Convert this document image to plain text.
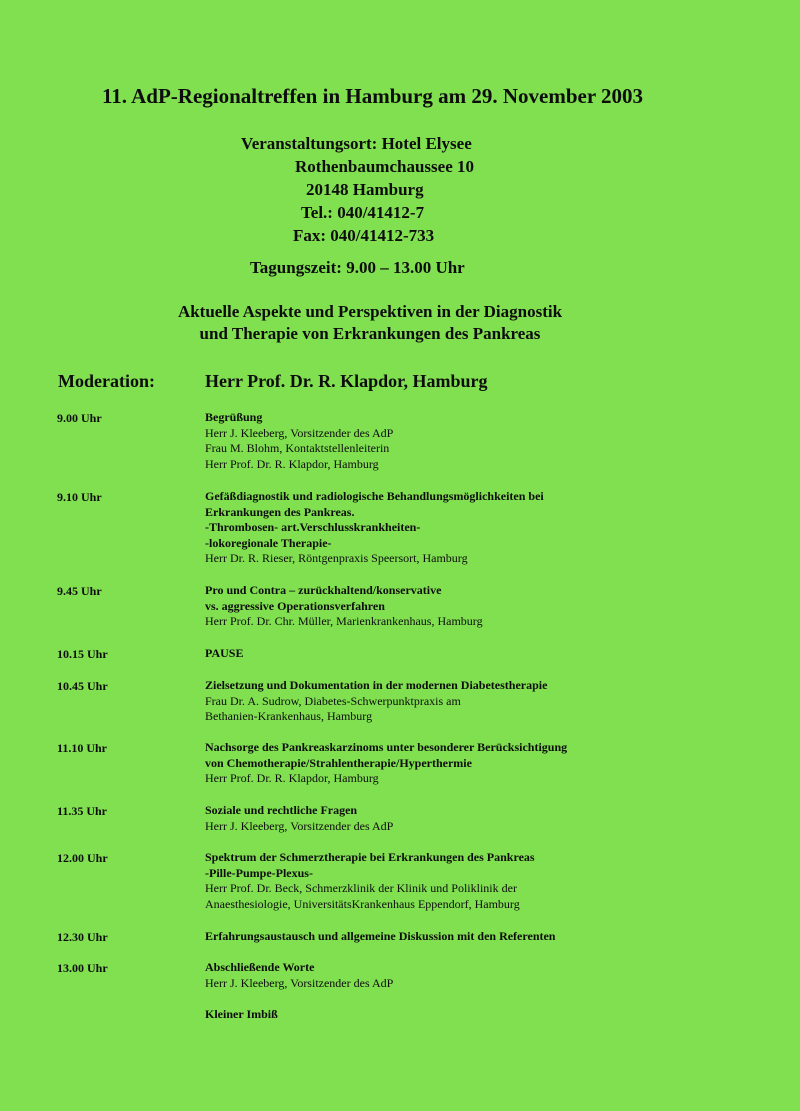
11. AdP-Regionaltreffen in Hamburg am 29. November 2003
Veranstaltungsort: Hotel Elysee
Rothenbaumchaussee 10
20148 Hamburg
Tel.: 040/41412-7
Fax: 040/41412-733
Tagungszeit: 9.00 – 13.00 Uhr
Aktuelle Aspekte und Perspektiven in der Diagnostik
und Therapie von Erkrankungen des Pankreas
Moderation:	Herr Prof. Dr. R. Klapdor, Hamburg
9.00 Uhr	Begrüßung
Herr J. Kleeberg, Vorsitzender des AdP
Frau M. Blohm, Kontaktstellenleiterin
Herr Prof. Dr. R. Klapdor, Hamburg
9.10 Uhr	Gefäßdiagnostik und radiologische Behandlungsmöglichkeiten bei
Erkrankungen des Pankreas.
-Thrombosen- art.Verschlusskrankheiten-
-lokoregionale Therapie-
Herr Dr. R. Rieser, Röntgenpraxis Speersort, Hamburg
9.45 Uhr	Pro und Contra – zurückhaltend/konservative
vs. aggressive Operationsverfahren
Herr Prof. Dr. Chr. Müller, Marienkrankenhaus, Hamburg
10.15 Uhr	PAUSE
10.45 Uhr	Zielsetzung und Dokumentation in der modernen Diabetestherapie
Frau Dr. A. Sudrow, Diabetes-Schwerpunktpraxis am
Bethanien-Krankenhaus, Hamburg
11.10 Uhr	Nachsorge des Pankreaskarzinoms unter besonderer Berücksichtigung
von Chemotherapie/Strahlentherapie/Hyperthermie
Herr Prof. Dr. R. Klapdor, Hamburg
11.35 Uhr	Soziale und rechtliche Fragen
Herr J. Kleeberg, Vorsitzender des AdP
12.00 Uhr	Spektrum der Schmerztherapie bei Erkrankungen des Pankreas
-Pille-Pumpe-Plexus-
Herr Prof. Dr. Beck, Schmerzklinik der Klinik und Poliklinik der
Anaesthesiologie, UniversitätsKrankenhaus Eppendorf, Hamburg
12.30 Uhr	Erfahrungsaustausch und allgemeine Diskussion mit den Referenten
13.00 Uhr	Abschließende Worte
Herr J. Kleeberg, Vorsitzender des AdP
Kleiner Imbiß
